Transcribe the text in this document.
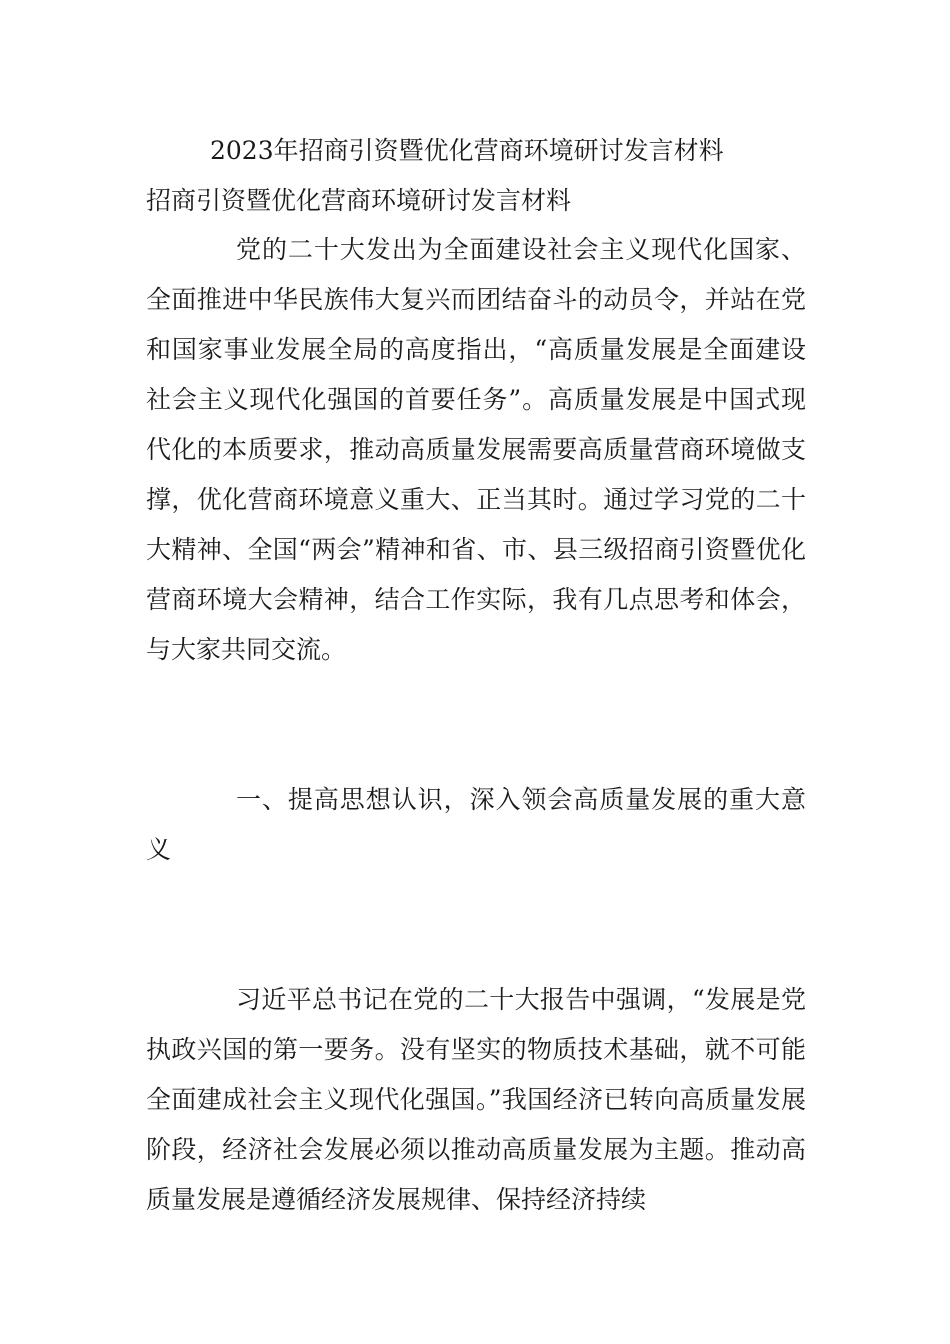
2023年招商引资暨优化营商环境研讨发言材料
招商引资暨优化营商环境研讨发言材料

党的二十大发出为全面建设社会主义现代化国家、全面推进中华民族伟大复兴而团结奋斗的动员令，并站在党和国家事业发展全局的高度指出，“高质量发展是全面建设社会主义现代化强国的首要任务”。高质量发展是中国式现代化的本质要求，推动高质量发展需要高质量营商环境做支撑，优化营商环境意义重大、正当其时。通过学习党的二十大精神、全国“两会”精神和省、市、县三级招商引资暨优化营商环境大会精神，结合工作实际，我有几点思考和体会，与大家共同交流。

一、提高思想认识，深入领会高质量发展的重大意义

习近平总书记在党的二十大报告中强调，“发展是党执政兴国的第一要务。没有坚实的物质技术基础，就不可能全面建成社会主义现代化强国。”我国经济已转向高质量发展阶段，经济社会发展必须以推动高质量发展为主题。推动高质量发展是遵循经济发展规律、保持经济持续
